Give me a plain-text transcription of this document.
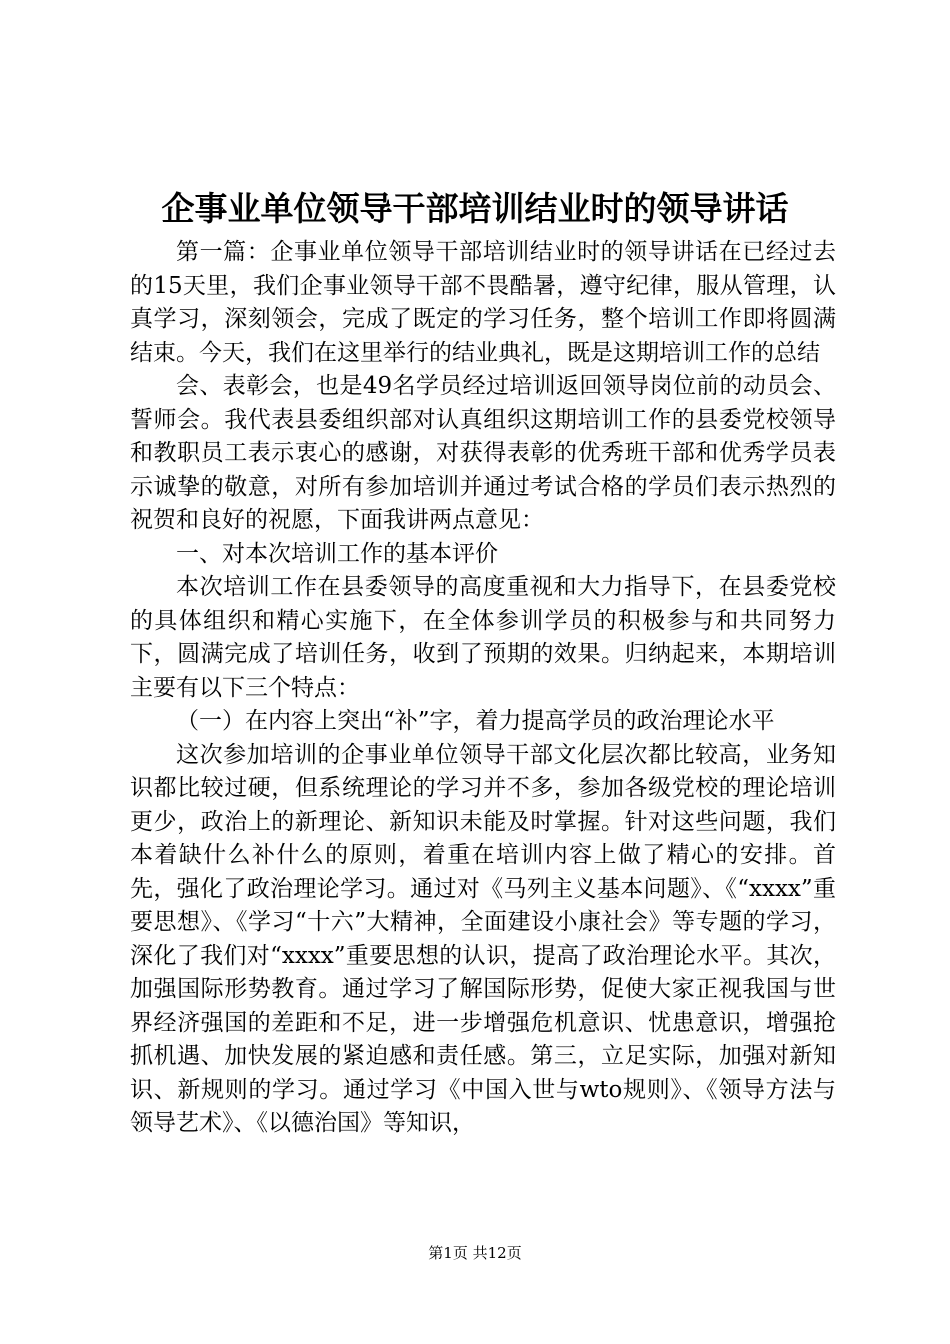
企事业单位领导干部培训结业时的领导讲话

第一篇：企事业单位领导干部培训结业时的领导讲话在已经过去的15天里，我们企事业领导干部不畏酷暑，遵守纪律，服从管理，认真学习，深刻领会，完成了既定的学习任务，整个培训工作即将圆满结束。今天，我们在这里举行的结业典礼，既是这期培训工作的总结

会、表彰会，也是49名学员经过培训返回领导岗位前的动员会、誓师会。我代表县委组织部对认真组织这期培训工作的县委党校领导和教职员工表示衷心的感谢，对获得表彰的优秀班干部和优秀学员表示诚挚的敬意，对所有参加培训并通过考试合格的学员们表示热烈的祝贺和良好的祝愿，下面我讲两点意见：

一、对本次培训工作的基本评价

本次培训工作在县委领导的高度重视和大力指导下，在县委党校的具体组织和精心实施下，在全体参训学员的积极参与和共同努力下，圆满完成了培训任务，收到了预期的效果。归纳起来，本期培训主要有以下三个特点：

（一）在内容上突出“补”字，着力提高学员的政治理论水平

这次参加培训的企事业单位领导干部文化层次都比较高，业务知识都比较过硬，但系统理论的学习并不多，参加各级党校的理论培训更少，政治上的新理论、新知识未能及时掌握。针对这些问题，我们本着缺什么补什么的原则，着重在培训内容上做了精心的安排。首先，强化了政治理论学习。通过对《马列主义基本问题》、《“xxxx”重要思想》、《学习“十六”大精神，全面建设小康社会》等专题的学习，深化了我们对“xxxx”重要思想的认识，提高了政治理论水平。其次，加强国际形势教育。通过学习了解国际形势，促使大家正视我国与世界经济强国的差距和不足，进一步增强危机意识、忧患意识，增强抢抓机遇、加快发展的紧迫感和责任感。第三，立足实际，加强对新知识、新规则的学习。通过学习《中国入世与wto规则》、《领导方法与领导艺术》、《以德治国》等知识，

第1页 共12页
